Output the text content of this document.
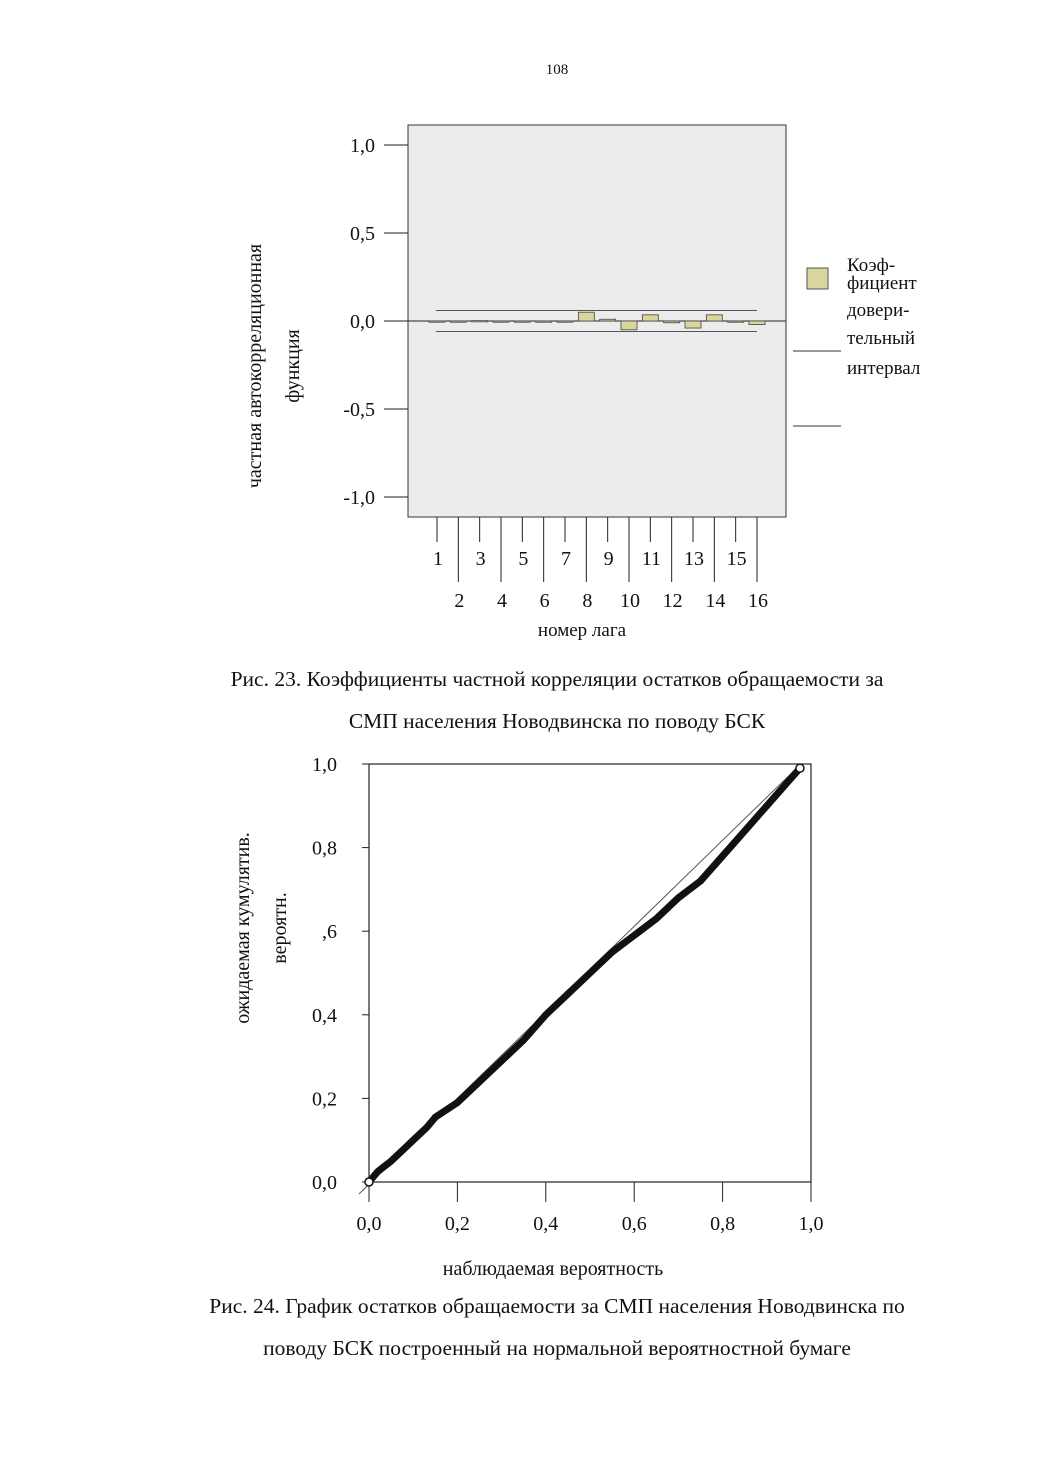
108
1,0
0,5
0,0
-0,5
-1,0
1
2
3
4
5
6
7
8
9
10
11
12
13
14
15
16
номер лага
частная автокорреляционная функция
Коэф-
фициент
довери-
тельный
интервал
1,0
0,8
,6
0,4
0,2
0,0
0,0	0,2	0,4	0,6	0,8	1,0
наблюдаемая вероятность
ожидаемая кумулятив. вероятн.
Рис. 23. Коэффициенты частной корреляции остатков обращаемости за
СМП населения Новодвинска по поводу БСК
Рис. 24. График остатков обращаемости за СМП населения Новодвинска по
поводу БСК построенный на нормальной вероятностной бумаге
